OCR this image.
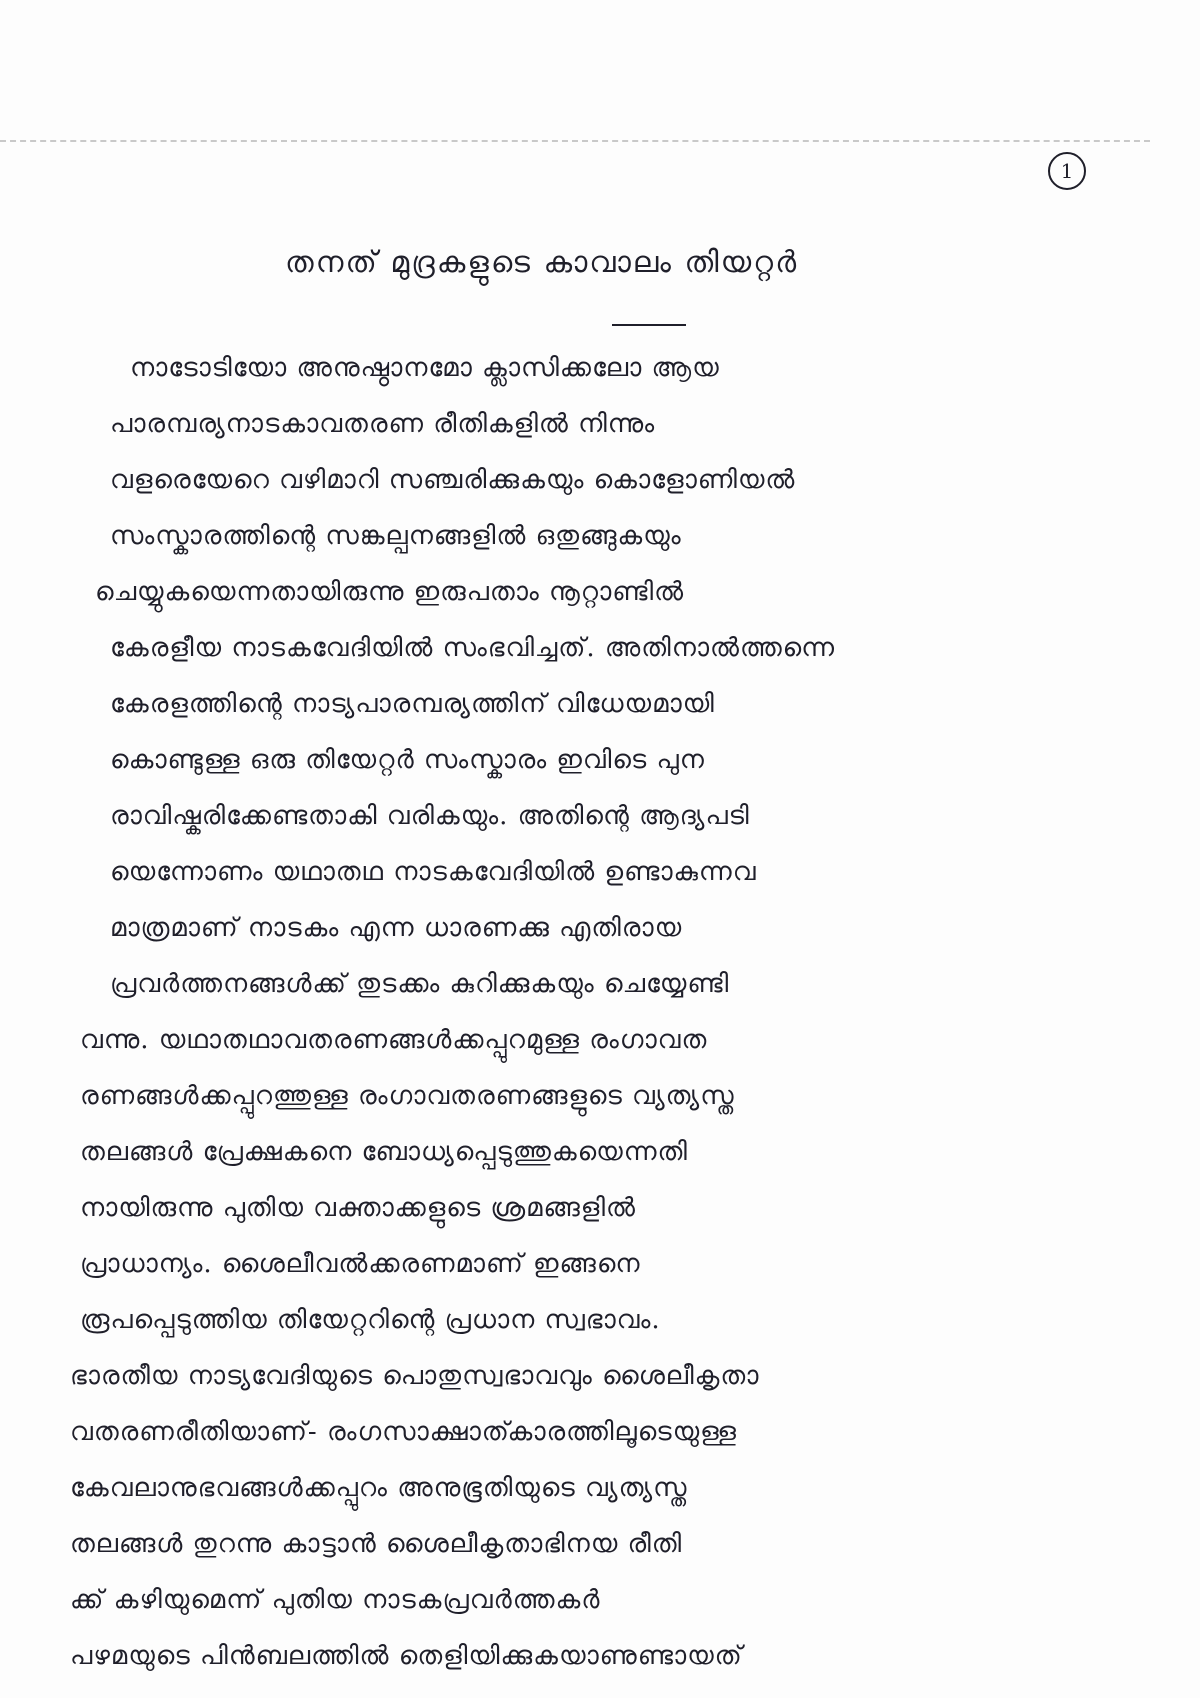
1
തനത് മുദ്രകളുടെ കാവാലം തിയറ്റർ
നാടോടിയോ അനുഷ്ഠാനമോ ക്ലാസിക്കലോ ആയ
പാരമ്പര്യനാടകാവതരണ രീതികളിൽ നിന്നും
വളരെയേറെ വഴിമാറി സഞ്ചരിക്കുകയും കൊളോണിയൽ
സംസ്കാരത്തിന്റെ സങ്കല്പനങ്ങളിൽ ഒതുങ്ങുകയും
ചെയ്യുകയെന്നതായിരുന്നു ഇരുപതാം നൂറ്റാണ്ടിൽ
കേരളീയ നാടകവേദിയിൽ സംഭവിച്ചത്. അതിനാൽത്തന്നെ
കേരളത്തിന്റെ നാട്യപാരമ്പര്യത്തിന് വിധേയമായി
കൊണ്ടുള്ള ഒരു തിയേറ്റർ സംസ്കാരം ഇവിടെ പുന
രാവിഷ്കരിക്കേണ്ടതാകി വരികയും. അതിന്റെ ആദ്യപടി
യെന്നോണം യഥാതഥ നാടകവേദിയിൽ ഉണ്ടാകുന്നവ
മാത്രമാണ് നാടകം എന്ന ധാരണക്കു എതിരായ
പ്രവർത്തനങ്ങൾക്ക് തുടക്കം കുറിക്കുകയും ചെയ്യേണ്ടി
വന്നു. യഥാതഥാവതരണങ്ങൾക്കപ്പുറമുള്ള രംഗാവത
രണങ്ങൾക്കപ്പുറത്തുള്ള രംഗാവതരണങ്ങളുടെ വ്യത്യസ്ത
തലങ്ങൾ പ്രേക്ഷകനെ ബോധ്യപ്പെടുത്തുകയെന്നതി
നായിരുന്നു പുതിയ വക്താക്കളുടെ ശ്രമങ്ങളിൽ
പ്രാധാന്യം. ശൈലീവൽക്കരണമാണ് ഇങ്ങനെ
രൂപപ്പെടുത്തിയ തിയേറ്ററിന്റെ പ്രധാന സ്വഭാവം.
ഭാരതീയ നാട്യവേദിയുടെ പൊതുസ്വഭാവവും ശൈലീകൃതാ
വതരണരീതിയാണ്- രംഗസാക്ഷാത്കാരത്തിലൂടെയുള്ള
കേവലാനുഭവങ്ങൾക്കപ്പുറം അനുഭൂതിയുടെ വ്യത്യസ്ത
തലങ്ങൾ തുറന്നു കാട്ടാൻ ശൈലീകൃതാഭിനയ രീതി
ക്ക് കഴിയുമെന്ന് പുതിയ നാടകപ്രവർത്തകർ
പഴമയുടെ പിൻബലത്തിൽ തെളിയിക്കുകയാണുണ്ടായത്
